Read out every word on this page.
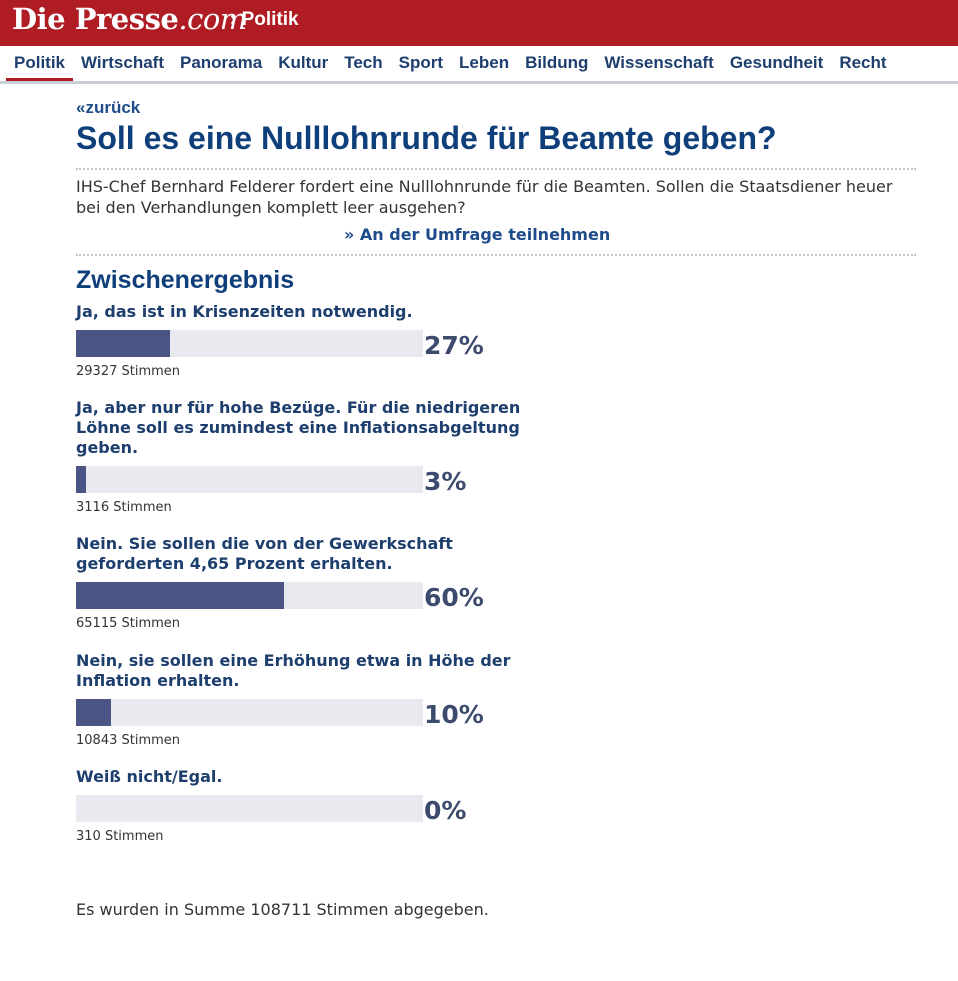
Die Presse.com
› Politik
Politik Wirtschaft Panorama Kultur Tech Sport Leben Bildung Wissenschaft Gesundheit Recht
«zurück
Soll es eine Nulllohnrunde für Beamte geben?

IHS-Chef Bernhard Felderer fordert eine Nulllohnrunde für die Beamten. Sollen die Staatsdiener heuer bei den Verhandlungen komplett leer ausgehen?

» An der Umfrage teilnehmen
Zwischenergebnis
Ja, das ist in Krisenzeiten notwendig.
27%
29327 Stimmen
Ja, aber nur für hohe Bezüge. Für die niedrigeren Löhne soll es zumindest eine Inflationsabgeltung geben.
3%
3116 Stimmen
Nein. Sie sollen die von der Gewerkschaft geforderten 4,65 Prozent erhalten.
60%
65115 Stimmen
Nein, sie sollen eine Erhöhung etwa in Höhe der Inflation erhalten.
10%
10843 Stimmen
Weiß nicht/Egal.
0%
310 Stimmen

Es wurden in Summe 108711 Stimmen abgegeben.
